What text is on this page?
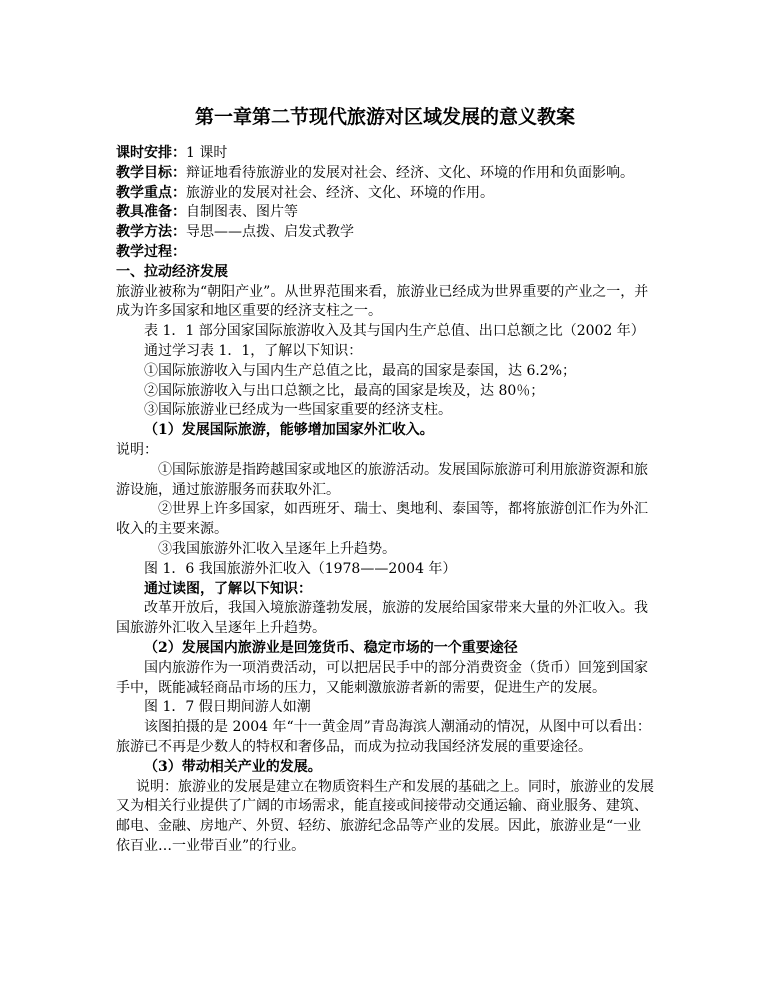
第一章第二节现代旅游对区域发展的意义教案

课时安排：1 课时

教学目标：辩证地看待旅游业的发展对社会、经济、文化、环境的作用和负面影响。

教学重点：旅游业的发展对社会、经济、文化、环境的作用。

教具准备：自制图表、图片等

教学方法：导思——点拨、启发式教学

教学过程：

一、拉动经济发展

旅游业被称为“朝阳产业”。从世界范围来看，旅游业已经成为世界重要的产业之一，并成为许多国家和地区重要的经济支柱之一。

表 1．1 部分国家国际旅游收入及其与国内生产总值、出口总额之比（2002 年）

通过学习表 1．1，了解以下知识：

①国际旅游收入与国内生产总值之比，最高的国家是泰国，达 6.2%；

②国际旅游收入与出口总额之比，最高的国家是埃及，达 80％；

③国际旅游业已经成为一些国家重要的经济支柱。

（1）发展国际旅游，能够增加国家外汇收入。

说明：

①国际旅游是指跨越国家或地区的旅游活动。发展国际旅游可利用旅游资源和旅游设施，通过旅游服务而获取外汇。

②世界上许多国家，如西班牙、瑞士、奥地利、泰国等，都将旅游创汇作为外汇收入的主要来源。

③我国旅游外汇收入呈逐年上升趋势。

图 1．6 我国旅游外汇收入（1978——2004 年）

通过读图，了解以下知识：

改革开放后，我国入境旅游蓬勃发展，旅游的发展给国家带来大量的外汇收入。我国旅游外汇收入呈逐年上升趋势。

（2）发展国内旅游业是回笼货币、稳定市场的一个重要途径

国内旅游作为一项消费活动，可以把居民手中的部分消费资金（货币）回笼到国家手中，既能减轻商品市场的压力，又能刺激旅游者新的需要，促进生产的发展。

图 1．7 假日期间游人如潮

该图拍摄的是 2004 年“十一黄金周”青岛海滨人潮涌动的情况，从图中可以看出：旅游已不再是少数人的特权和奢侈品，而成为拉动我国经济发展的重要途径。

（3）带动相关产业的发展。

说明：旅游业的发展是建立在物质资料生产和发展的基础之上。同时，旅游业的发展又为相关行业提供了广阔的市场需求，能直接或间接带动交通运输、商业服务、建筑、邮电、金融、房地产、外贸、轻纺、旅游纪念品等产业的发展。因此，旅游业是“一业依百业…一业带百业”的行业。
